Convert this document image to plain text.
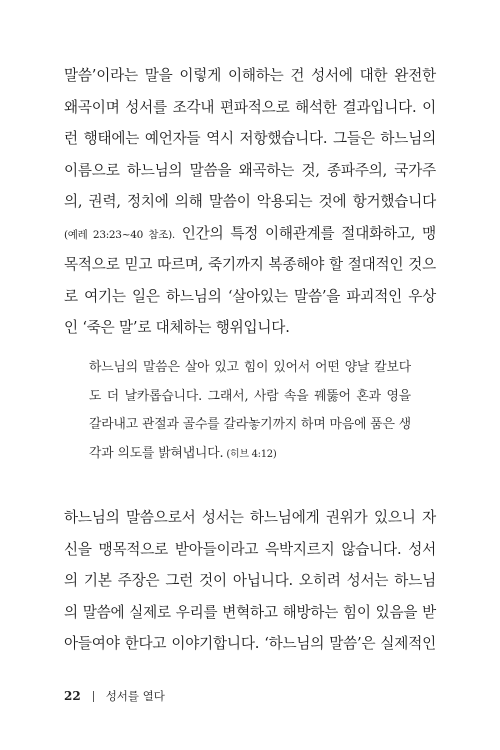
말씀’이라는 말을 이렇게 이해하는 건 성서에 대한 완전한
왜곡이며 성서를 조각내 편파적으로 해석한 결과입니다. 이
런 행태에는 예언자들 역시 저항했습니다. 그들은 하느님의
이름으로 하느님의 말씀을 왜곡하는 것, 종파주의, 국가주
의, 권력, 정치에 의해 말씀이 악용되는 것에 항거했습니다
(예레 23:23~40 참조). 인간의 특정 이해관계를 절대화하고, 맹
목적으로 믿고 따르며, 죽기까지 복종해야 할 절대적인 것으
로 여기는 일은 하느님의 ‘살아있는 말씀’을 파괴적인 우상
인 ‘죽은 말’로 대체하는 행위입니다.
하느님의 말씀은 살아 있고 힘이 있어서 어떤 양날 칼보다
도 더 날카롭습니다. 그래서, 사람 속을 꿰뚫어 혼과 영을
갈라내고 관절과 골수를 갈라놓기까지 하며 마음에 품은 생
각과 의도를 밝혀냅니다. (히브 4:12)
하느님의 말씀으로서 성서는 하느님에게 권위가 있으니 자
신을 맹목적으로 받아들이라고 윽박지르지 않습니다. 성서
의 기본 주장은 그런 것이 아닙니다. 오히려 성서는 하느님
의 말씀에 실제로 우리를 변혁하고 해방하는 힘이 있음을 받
아들여야 한다고 이야기합니다. ‘하느님의 말씀’은 실제적인
22 성서를 열다
